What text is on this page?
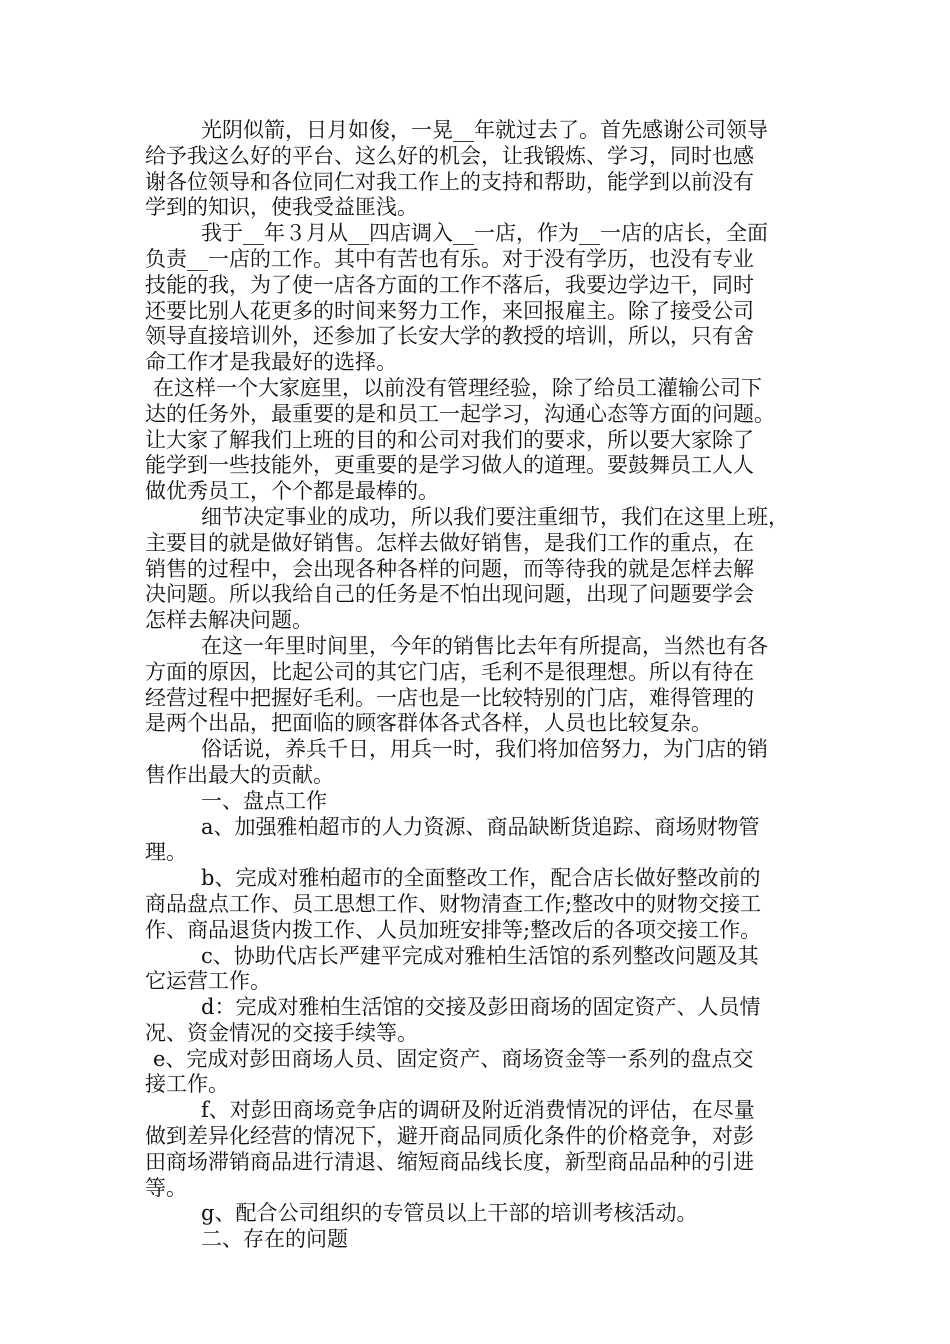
光阴似箭，日月如俊，一晃__年就过去了。首先感谢公司领导
给予我这么好的平台、这么好的机会，让我锻炼、学习，同时也感
谢各位领导和各位同仁对我工作上的支持和帮助，能学到以前没有
学到的知识，使我受益匪浅。
我于__年３月从__四店调入__一店，作为__一店的店长，全面
负责__一店的工作。其中有苦也有乐。对于没有学历，也没有专业
技能的我，为了使一店各方面的工作不落后，我要边学边干，同时
还要比别人花更多的时间来努力工作，来回报雇主。除了接受公司
领导直接培训外，还参加了长安大学的教授的培训，所以，只有舍
命工作才是我最好的选择。
在这样一个大家庭里，以前没有管理经验，除了给员工灌输公司下
达的任务外，最重要的是和员工一起学习，沟通心态等方面的问题。
让大家了解我们上班的目的和公司对我们的要求，所以要大家除了
能学到一些技能外，更重要的是学习做人的道理。要鼓舞员工人人
做优秀员工，个个都是最棒的。
细节决定事业的成功，所以我们要注重细节，我们在这里上班，
主要目的就是做好销售。怎样去做好销售，是我们工作的重点，在
销售的过程中，会出现各种各样的问题，而等待我的就是怎样去解
决问题。所以我给自己的任务是不怕出现问题，出现了问题要学会
怎样去解决问题。
在这一年里时间里，今年的销售比去年有所提高，当然也有各
方面的原因，比起公司的其它门店，毛利不是很理想。所以有待在
经营过程中把握好毛利。一店也是一比较特别的门店，难得管理的
是两个出品，把面临的顾客群体各式各样，人员也比较复杂。
俗话说，养兵千日，用兵一时，我们将加倍努力，为门店的销
售作出最大的贡献。
一、盘点工作
a、加强雅柏超市的人力资源、商品缺断货追踪、商场财物管
理。
b、完成对雅柏超市的全面整改工作，配合店长做好整改前的
商品盘点工作、员工思想工作、财物清查工作;整改中的财物交接工
作、商品退货内拨工作、人员加班安排等;整改后的各项交接工作。
c、协助代店长严建平完成对雅柏生活馆的系列整改问题及其
它运营工作。
d：完成对雅柏生活馆的交接及彭田商场的固定资产、人员情
况、资金情况的交接手续等。
e、完成对彭田商场人员、固定资产、商场资金等一系列的盘点交
接工作。
f、对彭田商场竞争店的调研及附近消费情况的评估，在尽量
做到差异化经营的情况下，避开商品同质化条件的价格竞争，对彭
田商场滞销商品进行清退、缩短商品线长度，新型商品品种的引进
等。
g、配合公司组织的专管员以上干部的培训考核活动。
二、存在的问题
